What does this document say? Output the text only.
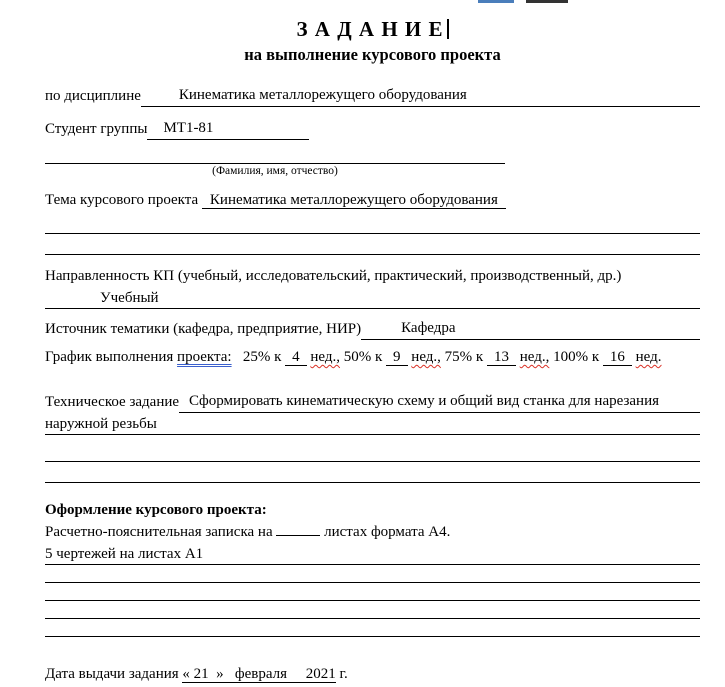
З А Д А Н И Е
на выполнение курсового проекта
по дисциплине	Кинематика металлорежущего оборудования
Студент группы	МТ1-81
(Фамилия, имя, отчество)
Тема курсового проекта Кинематика металлорежущего оборудования
Направленность КП (учебный, исследовательский, практический, производственный, др.)
Учебный
Источник тематики (кафедра, предприятие, НИР)	Кафедра
График выполнения проекта: 25% к 4 нед., 50% к 9 нед., 75% к 13 нед., 100% к 16 нед.
Техническое задание Сформировать кинематическую схему и общий вид станка для нарезания
наружной резьбы
Оформление курсового проекта:
Расчетно-пояснительная записка на	листах формата А4.
5 чертежей на листах А1
Дата выдачи задания « 21  »   февраля     2021 г.
